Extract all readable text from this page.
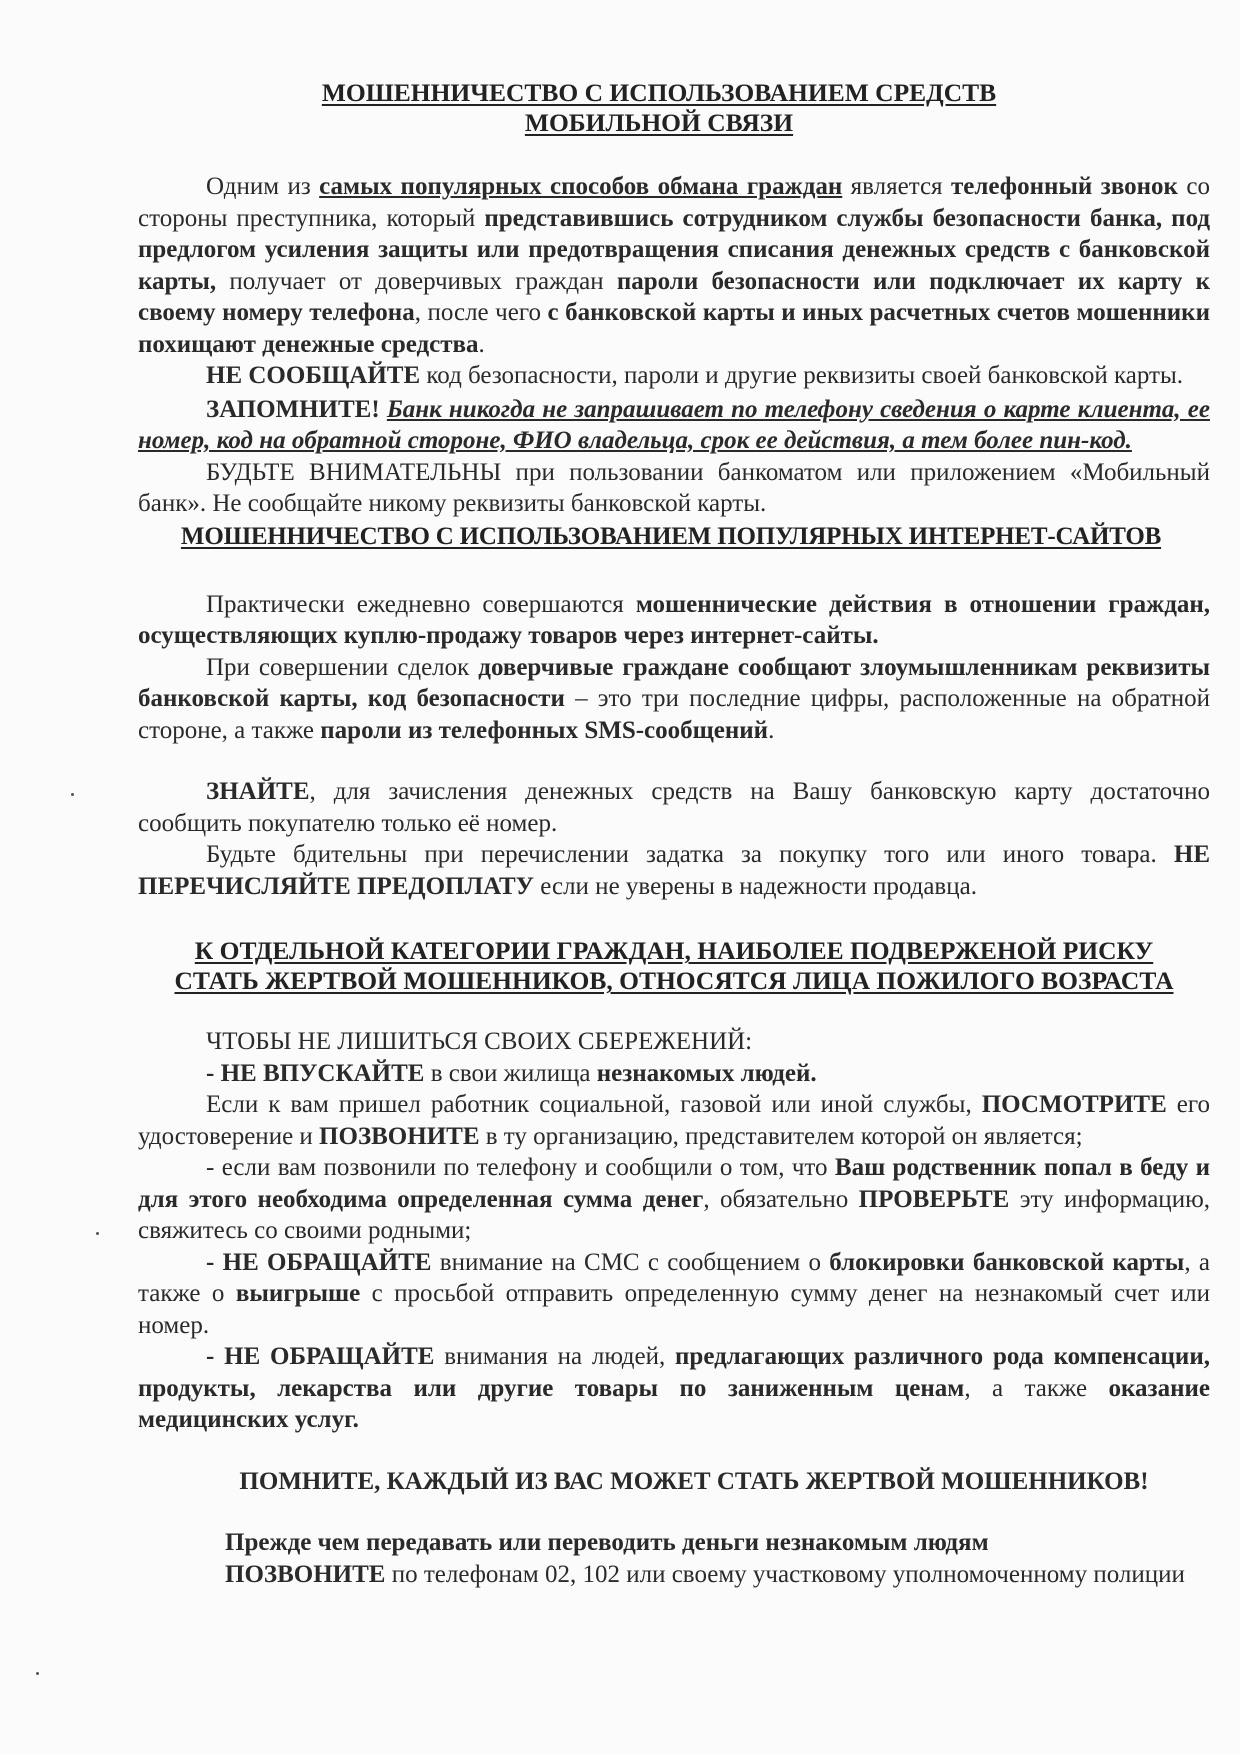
МОШЕННИЧЕСТВО С ИСПОЛЬЗОВАНИЕМ СРЕДСТВ
МОБИЛЬНОЙ СВЯЗИ

Одним из самых популярных способов обмана граждан является телефонный звонок со стороны преступника, который представившись сотрудником службы безопасности банка, под предлогом усиления защиты или предотвращения списания денежных средств с банковской карты, получает от доверчивых граждан пароли безопасности или подключает их карту к своему номеру телефона, после чего с банковской карты и иных расчетных счетов мошенники похищают денежные средства.

НЕ СООБЩАЙТЕ код безопасности, пароли и другие реквизиты своей банковской карты.

ЗАПОМНИТЕ! Банк никогда не запрашивает по телефону сведения о карте клиента, ее номер, код на обратной стороне, ФИО владельца, срок ее действия, а тем более пин-код.

БУДЬТЕ ВНИМАТЕЛЬНЫ при пользовании банкоматом или приложением «Мобильный банк». Не сообщайте никому реквизиты банковской карты.

МОШЕННИЧЕСТВО С ИСПОЛЬЗОВАНИЕМ ПОПУЛЯРНЫХ ИНТЕРНЕТ-САЙТОВ

Практически ежедневно совершаются мошеннические действия в отношении граждан, осуществляющих куплю-продажу товаров через интернет-сайты.

При совершении сделок доверчивые граждане сообщают злоумышленникам реквизиты банковской карты, код безопасности – это три последние цифры, расположенные на обратной стороне, а также пароли из телефонных SMS-сообщений.

ЗНАЙТЕ, для зачисления денежных средств на Вашу банковскую карту достаточно сообщить покупателю только её номер.

Будьте бдительны при перечислении задатка за покупку того или иного товара. НЕ ПЕРЕЧИСЛЯЙТЕ ПРЕДОПЛАТУ если не уверены в надежности продавца.

К ОТДЕЛЬНОЙ КАТЕГОРИИ ГРАЖДАН, НАИБОЛЕЕ ПОДВЕРЖЕНОЙ РИСКУ
СТАТЬ ЖЕРТВОЙ МОШЕННИКОВ, ОТНОСЯТСЯ ЛИЦА ПОЖИЛОГО ВОЗРАСТА

ЧТОБЫ НЕ ЛИШИТЬСЯ СВОИХ СБЕРЕЖЕНИЙ:

- НЕ ВПУСКАЙТЕ в свои жилища незнакомых людей.

Если к вам пришел работник социальной, газовой или иной службы, ПОСМОТРИТЕ его удостоверение и ПОЗВОНИТЕ в ту организацию, представителем которой он является;

- если вам позвонили по телефону и сообщили о том, что Ваш родственник попал в беду и для этого необходима определенная сумма денег, обязательно ПРОВЕРЬТЕ эту информацию, свяжитесь со своими родными;

- НЕ ОБРАЩАЙТЕ внимание на СМС с сообщением о блокировки банковской карты, а также о выигрыше с просьбой отправить определенную сумму денег на незнакомый счет или номер.

- НЕ ОБРАЩАЙТЕ внимания на людей, предлагающих различного рода компенсации, продукты, лекарства или другие товары по заниженным ценам, а также оказание медицинских услуг.

ПОМНИТЕ, КАЖДЫЙ ИЗ ВАС МОЖЕТ СТАТЬ ЖЕРТВОЙ МОШЕННИКОВ!

Прежде чем передавать или переводить деньги незнакомым людям
ПОЗВОНИТЕ по телефонам 02, 102 или своему участковому уполномоченному полиции
